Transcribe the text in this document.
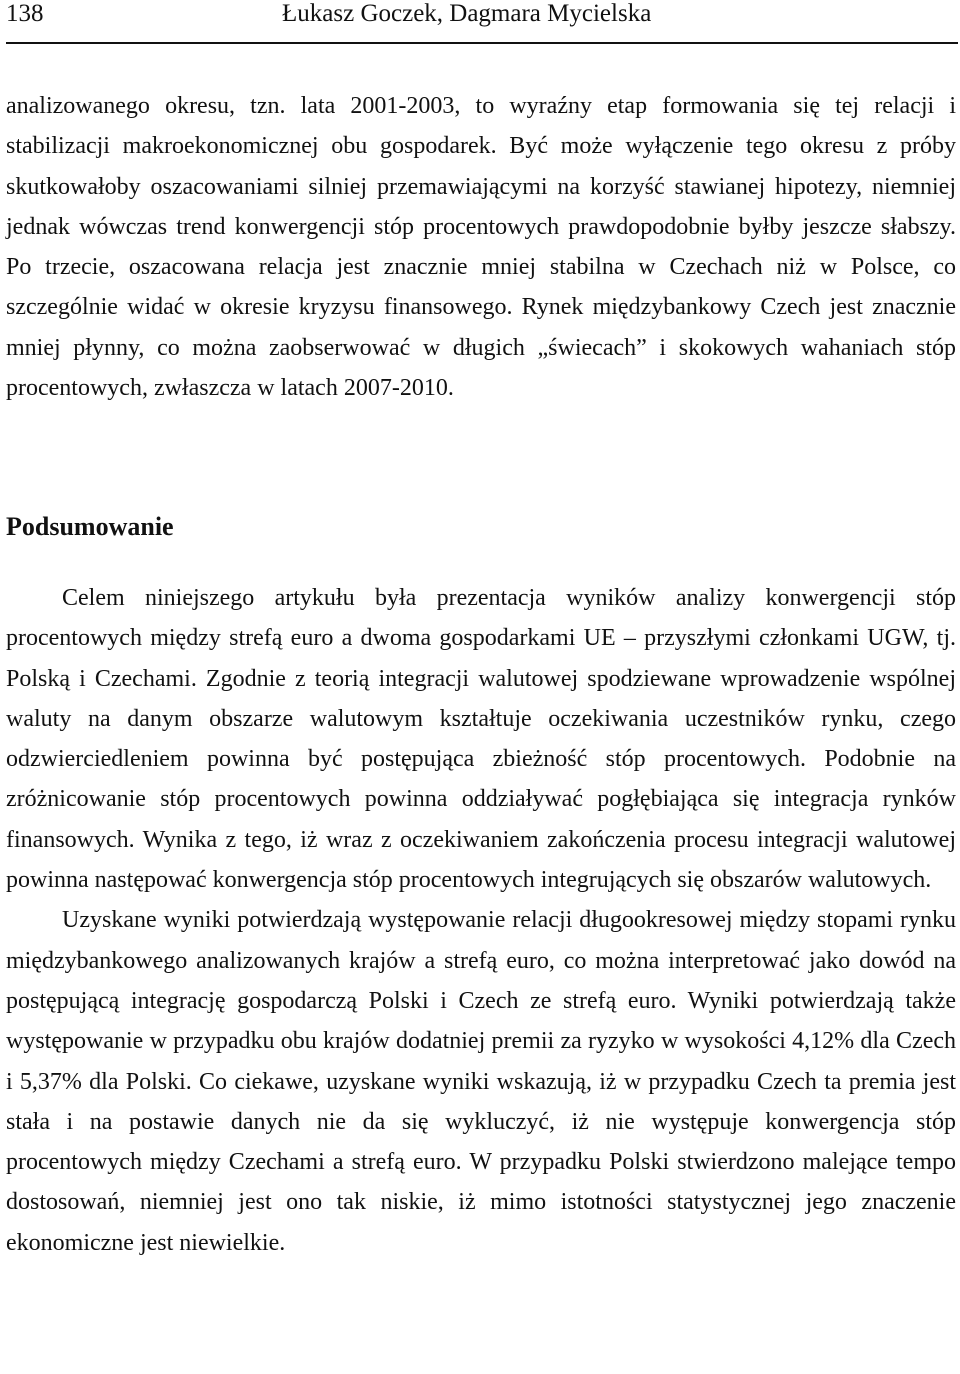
138	Łukasz Goczek, Dagmara Mycielska

analizowanego okresu, tzn. lata 2001-2003, to wyraźny etap formowania się tej relacji i stabilizacji makroekonomicznej obu gospodarek. Być może wyłączenie tego okresu z próby skutkowałoby oszacowaniami silniej przemawiającymi na korzyść stawianej hipotezy, niemniej jednak wówczas trend konwergencji stóp procentowych prawdopodobnie byłby jeszcze słabszy. Po trzecie, oszacowana relacja jest znacznie mniej stabilna w Czechach niż w Polsce, co szczególnie widać w okresie kryzysu finansowego. Rynek międzybankowy Czech jest znacznie mniej płynny, co można zaobserwować w długich „świecach” i skokowych wahaniach stóp procentowych, zwłaszcza w latach 2007-2010.

Podsumowanie

Celem niniejszego artykułu była prezentacja wyników analizy konwergencji stóp procentowych między strefą euro a dwoma gospodarkami UE – przyszłymi członkami UGW, tj. Polską i Czechami. Zgodnie z teorią integracji walutowej spodziewane wprowadzenie wspólnej waluty na danym obszarze walutowym kształtuje oczekiwania uczestników rynku, czego odzwierciedleniem powinna być postępująca zbieżność stóp procentowych. Podobnie na zróżnicowanie stóp procentowych powinna oddziaływać pogłębiająca się integracja rynków finansowych. Wynika z tego, iż wraz z oczekiwaniem zakończenia procesu integracji walutowej powinna następować konwergencja stóp procentowych integrujących się obszarów walutowych.

Uzyskane wyniki potwierdzają występowanie relacji długookresowej między stopami rynku międzybankowego analizowanych krajów a strefą euro, co można interpretować jako dowód na postępującą integrację gospodarczą Polski i Czech ze strefą euro. Wyniki potwierdzają także występowanie w przypadku obu krajów dodatniej premii za ryzyko w wysokości 4,12% dla Czech i 5,37% dla Polski. Co ciekawe, uzyskane wyniki wskazują, iż w przypadku Czech ta premia jest stała i na postawie danych nie da się wykluczyć, iż nie występuje konwergencja stóp procentowych między Czechami a strefą euro. W przypadku Polski stwierdzono malejące tempo dostosowań, niemniej jest ono tak niskie, iż mimo istotności statystycznej jego znaczenie ekonomiczne jest niewielkie.
